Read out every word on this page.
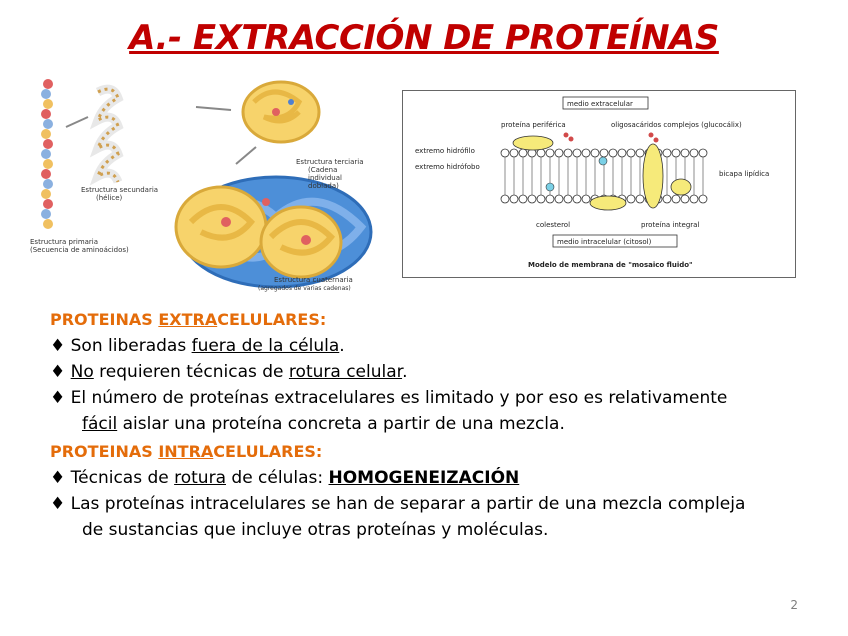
A.- EXTRACCIÓN DE PROTEÍNAS
Estructura secundaria
(hélice)
Estructura terciaria
(Cadena
individual
doblada)
Estructura primaria
(Secuencia de aminoácidos)
Estructura cuaternaria
(agregados de varias cadenas)
medio extracelular
proteína periférica	oligosacáridos complejos (glucocálix)
extremo hidrófilo
extremo hidrófobo
bicapa lipídica
colesterol	proteína integral
medio intracelular (citosol)
Modelo de membrana de "mosaico fluido"
PROTEINAS EXTRACELULARES:
♦ Son liberadas fuera de la célula.
♦ No requieren técnicas de rotura celular.
♦ El número de proteínas extracelulares es limitado y por eso es relativamente
fácil aislar una proteína concreta a partir de una mezcla.
PROTEINAS INTRACELULARES:
♦ Técnicas de rotura de células: HOMOGENEIZACIÓN
♦ Las proteínas intracelulares se han de separar a partir de una mezcla compleja
de sustancias que incluye otras proteínas y moléculas.
2
